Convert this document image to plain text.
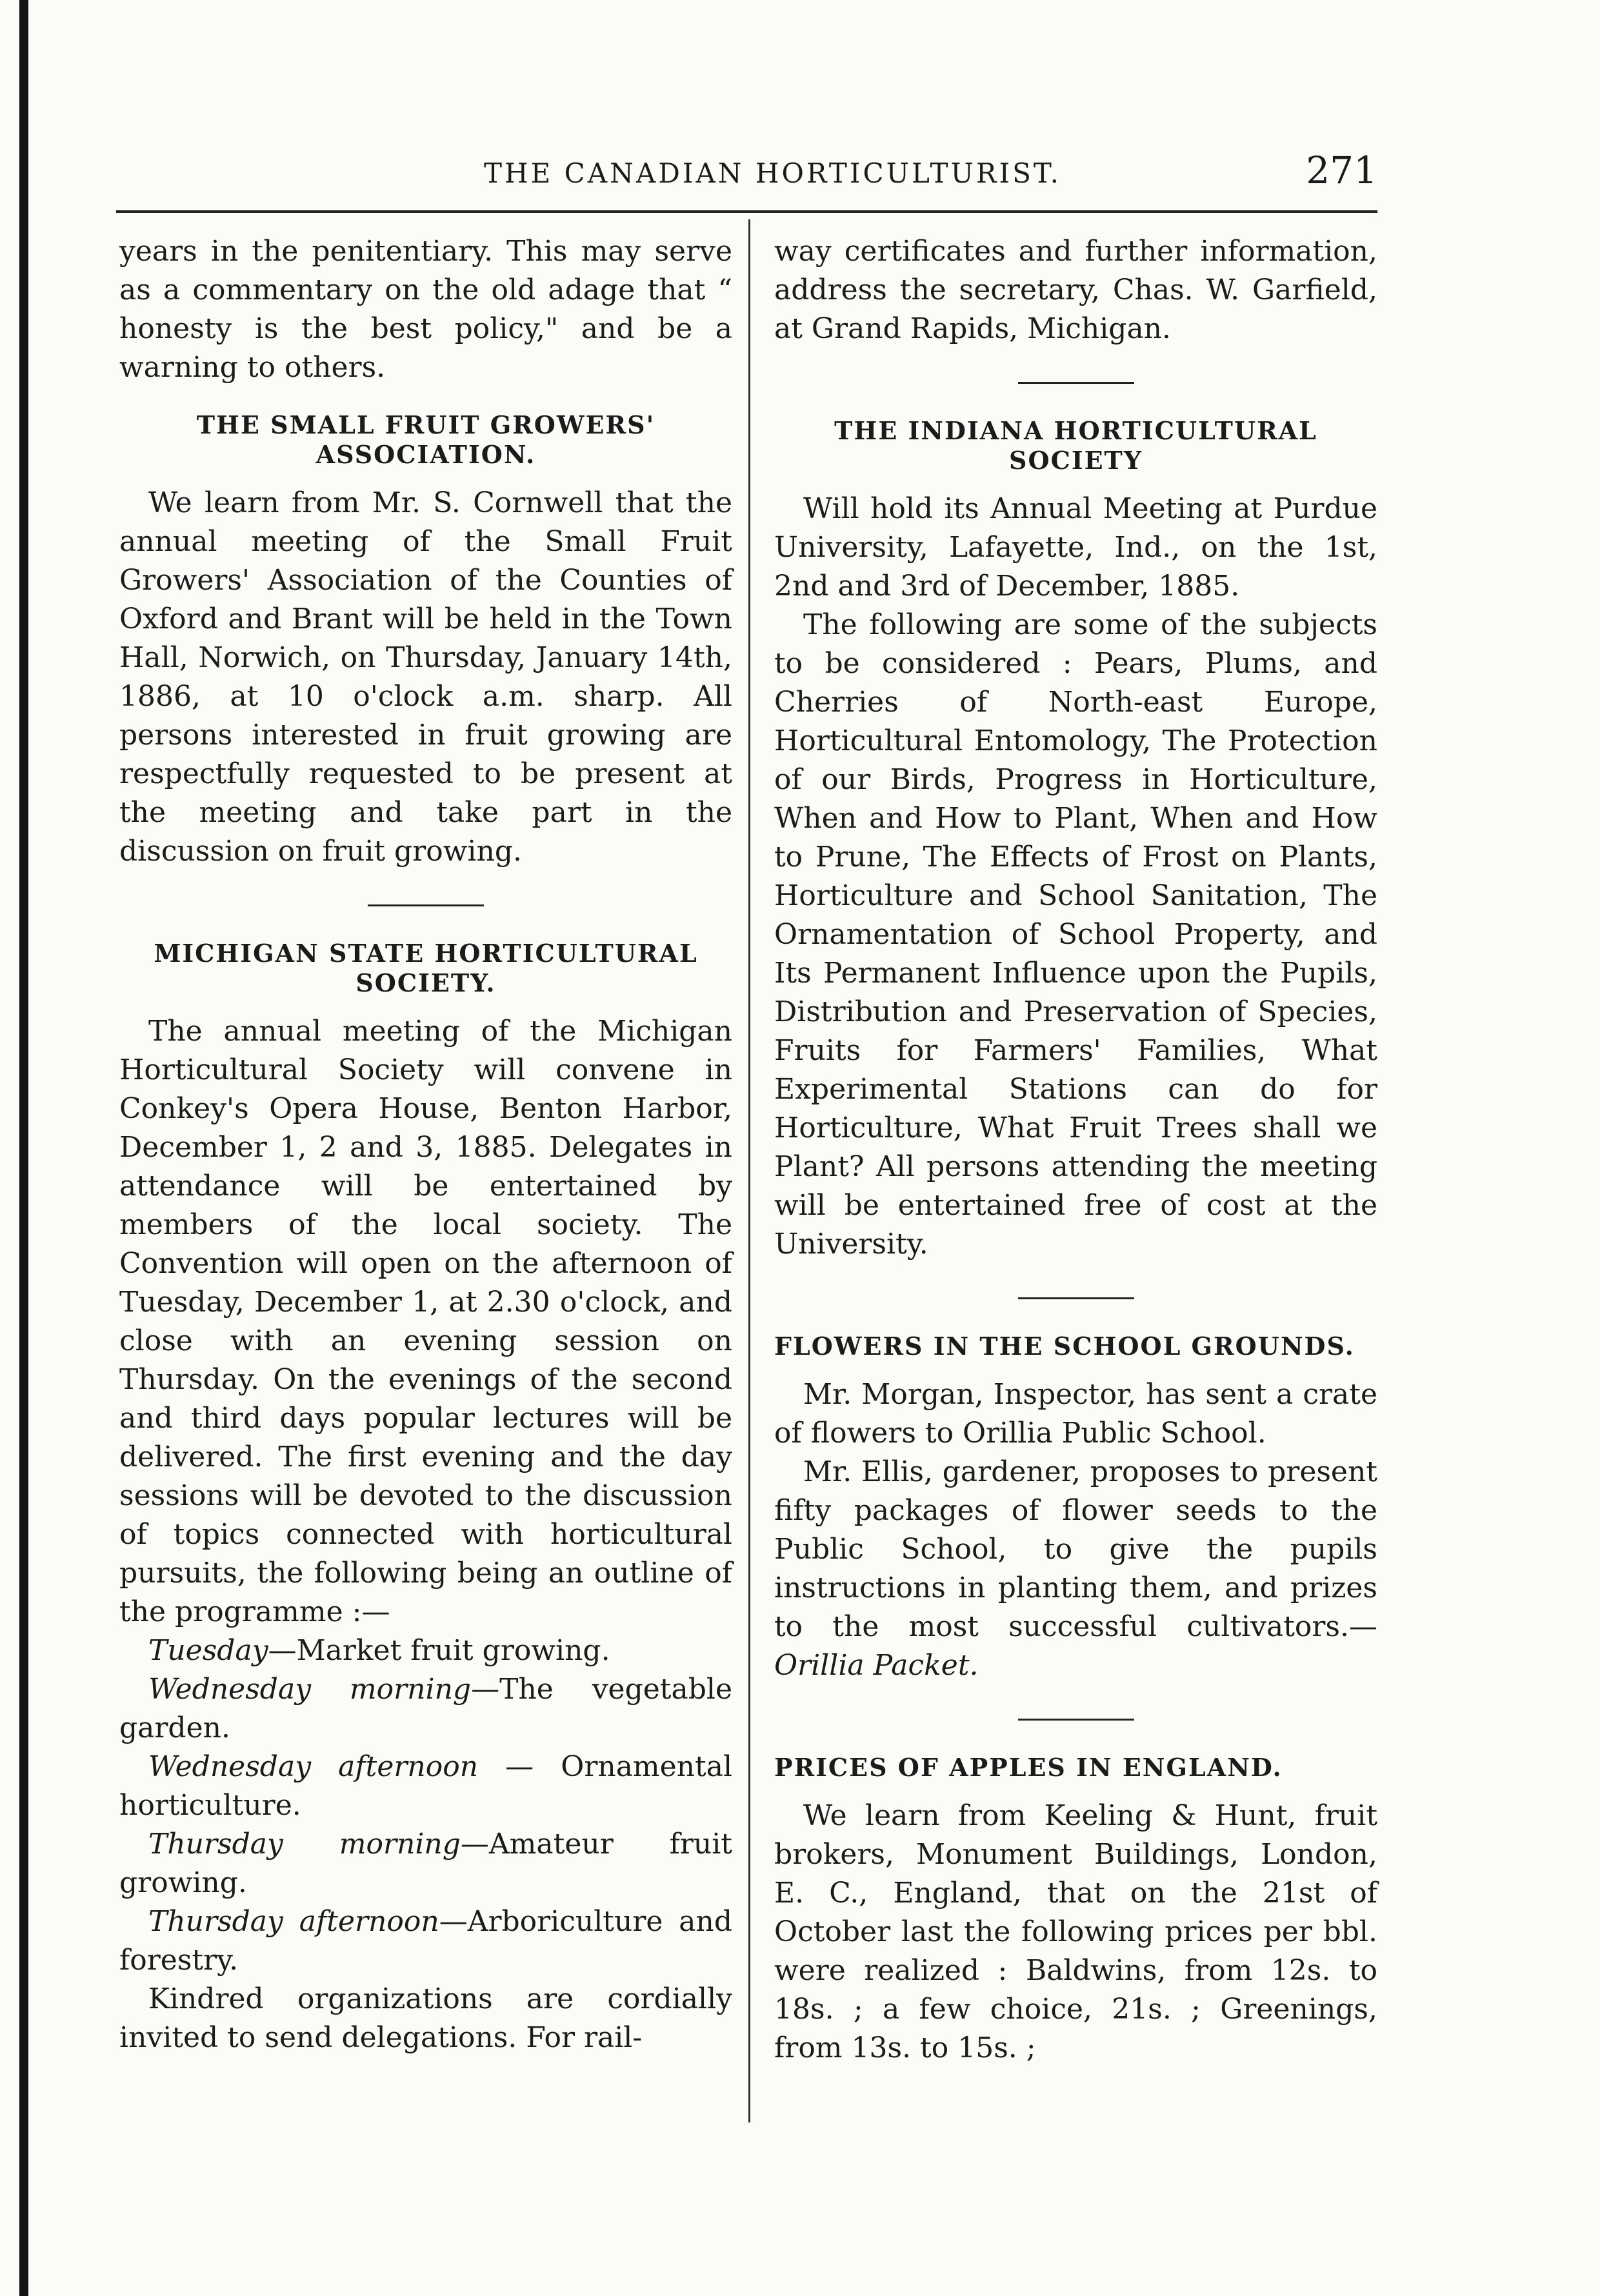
THE CANADIAN HORTICULTURIST.	271

years in the penitentiary. This may serve as a commentary on the old adage that “ honesty is the best policy," and be a warning to others.

THE SMALL FRUIT GROWERS' ASSOCIATION.

We learn from Mr. S. Cornwell that the annual meeting of the Small Fruit Growers' Association of the Counties of Oxford and Brant will be held in the Town Hall, Norwich, on Thursday, January 14th, 1886, at 10 o'clock a.m. sharp. All persons interested in fruit growing are respectfully requested to be present at the meeting and take part in the discussion on fruit growing.

MICHIGAN STATE HORTICULTURAL SOCIETY.

The annual meeting of the Michigan Horticultural Society will convene in Conkey's Opera House, Benton Harbor, December 1, 2 and 3, 1885. Delegates in attendance will be entertained by members of the local society. The Convention will open on the afternoon of Tuesday, December 1, at 2.30 o'clock, and close with an evening session on Thursday. On the evenings of the second and third days popular lectures will be delivered. The first evening and the day sessions will be devoted to the discussion of topics connected with horticultural pursuits, the following being an outline of the programme :—

Tuesday—Market fruit growing.

Wednesday morning—The vegetable garden.

Wednesday afternoon — Ornamental horticulture.

Thursday morning—Amateur fruit growing.

Thursday afternoon—Arboriculture and forestry.

Kindred organizations are cordially invited to send delegations. For rail-

way certificates and further information, address the secretary, Chas. W. Garfield, at Grand Rapids, Michigan.

THE INDIANA HORTICULTURAL SOCIETY

Will hold its Annual Meeting at Purdue University, Lafayette, Ind., on the 1st, 2nd and 3rd of December, 1885.

The following are some of the subjects to be considered : Pears, Plums, and Cherries of North-east Europe, Horticultural Entomology, The Protection of our Birds, Progress in Horticulture, When and How to Plant, When and How to Prune, The Effects of Frost on Plants, Horticulture and School Sanitation, The Ornamentation of School Property, and Its Permanent Influence upon the Pupils, Distribution and Preservation of Species, Fruits for Farmers' Families, What Experimental Stations can do for Horticulture, What Fruit Trees shall we Plant? All persons attending the meeting will be entertained free of cost at the University.

FLOWERS IN THE SCHOOL GROUNDS.

Mr. Morgan, Inspector, has sent a crate of flowers to Orillia Public School.

Mr. Ellis, gardener, proposes to present fifty packages of flower seeds to the Public School, to give the pupils instructions in planting them, and prizes to the most successful cultivators.—Orillia Packet.

PRICES OF APPLES IN ENGLAND.

We learn from Keeling & Hunt, fruit brokers, Monument Buildings, London, E. C., England, that on the 21st of October last the following prices per bbl. were realized : Baldwins, from 12s. to 18s. ; a few choice, 21s. ; Greenings, from 13s. to 15s. ;
